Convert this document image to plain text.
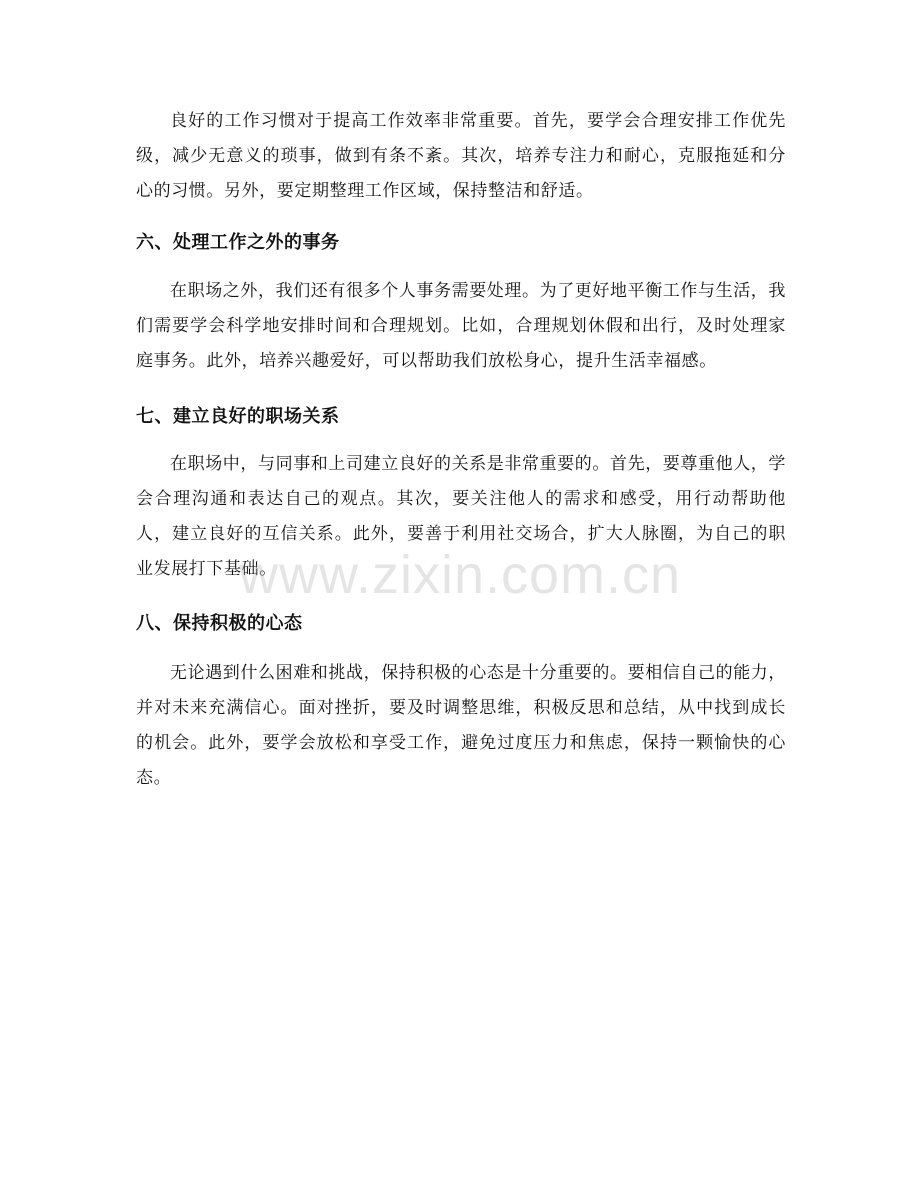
良好的工作习惯对于提高工作效率非常重要。首先，要学会合理安排工作优先级，减少无意义的琐事，做到有条不紊。其次，培养专注力和耐心，克服拖延和分心的习惯。另外，要定期整理工作区域，保持整洁和舒适。

六、处理工作之外的事务

在职场之外，我们还有很多个人事务需要处理。为了更好地平衡工作与生活，我们需要学会科学地安排时间和合理规划。比如，合理规划休假和出行，及时处理家庭事务。此外，培养兴趣爱好，可以帮助我们放松身心，提升生活幸福感。

七、建立良好的职场关系

在职场中，与同事和上司建立良好的关系是非常重要的。首先，要尊重他人，学会合理沟通和表达自己的观点。其次，要关注他人的需求和感受，用行动帮助他人，建立良好的互信关系。此外，要善于利用社交场合，扩大人脉圈，为自己的职业发展打下基础。

八、保持积极的心态

无论遇到什么困难和挑战，保持积极的心态是十分重要的。要相信自己的能力，并对未来充满信心。面对挫折，要及时调整思维，积极反思和总结，从中找到成长的机会。此外，要学会放松和享受工作，避免过度压力和焦虑，保持一颗愉快的心态。

www.zixin.com.cn
